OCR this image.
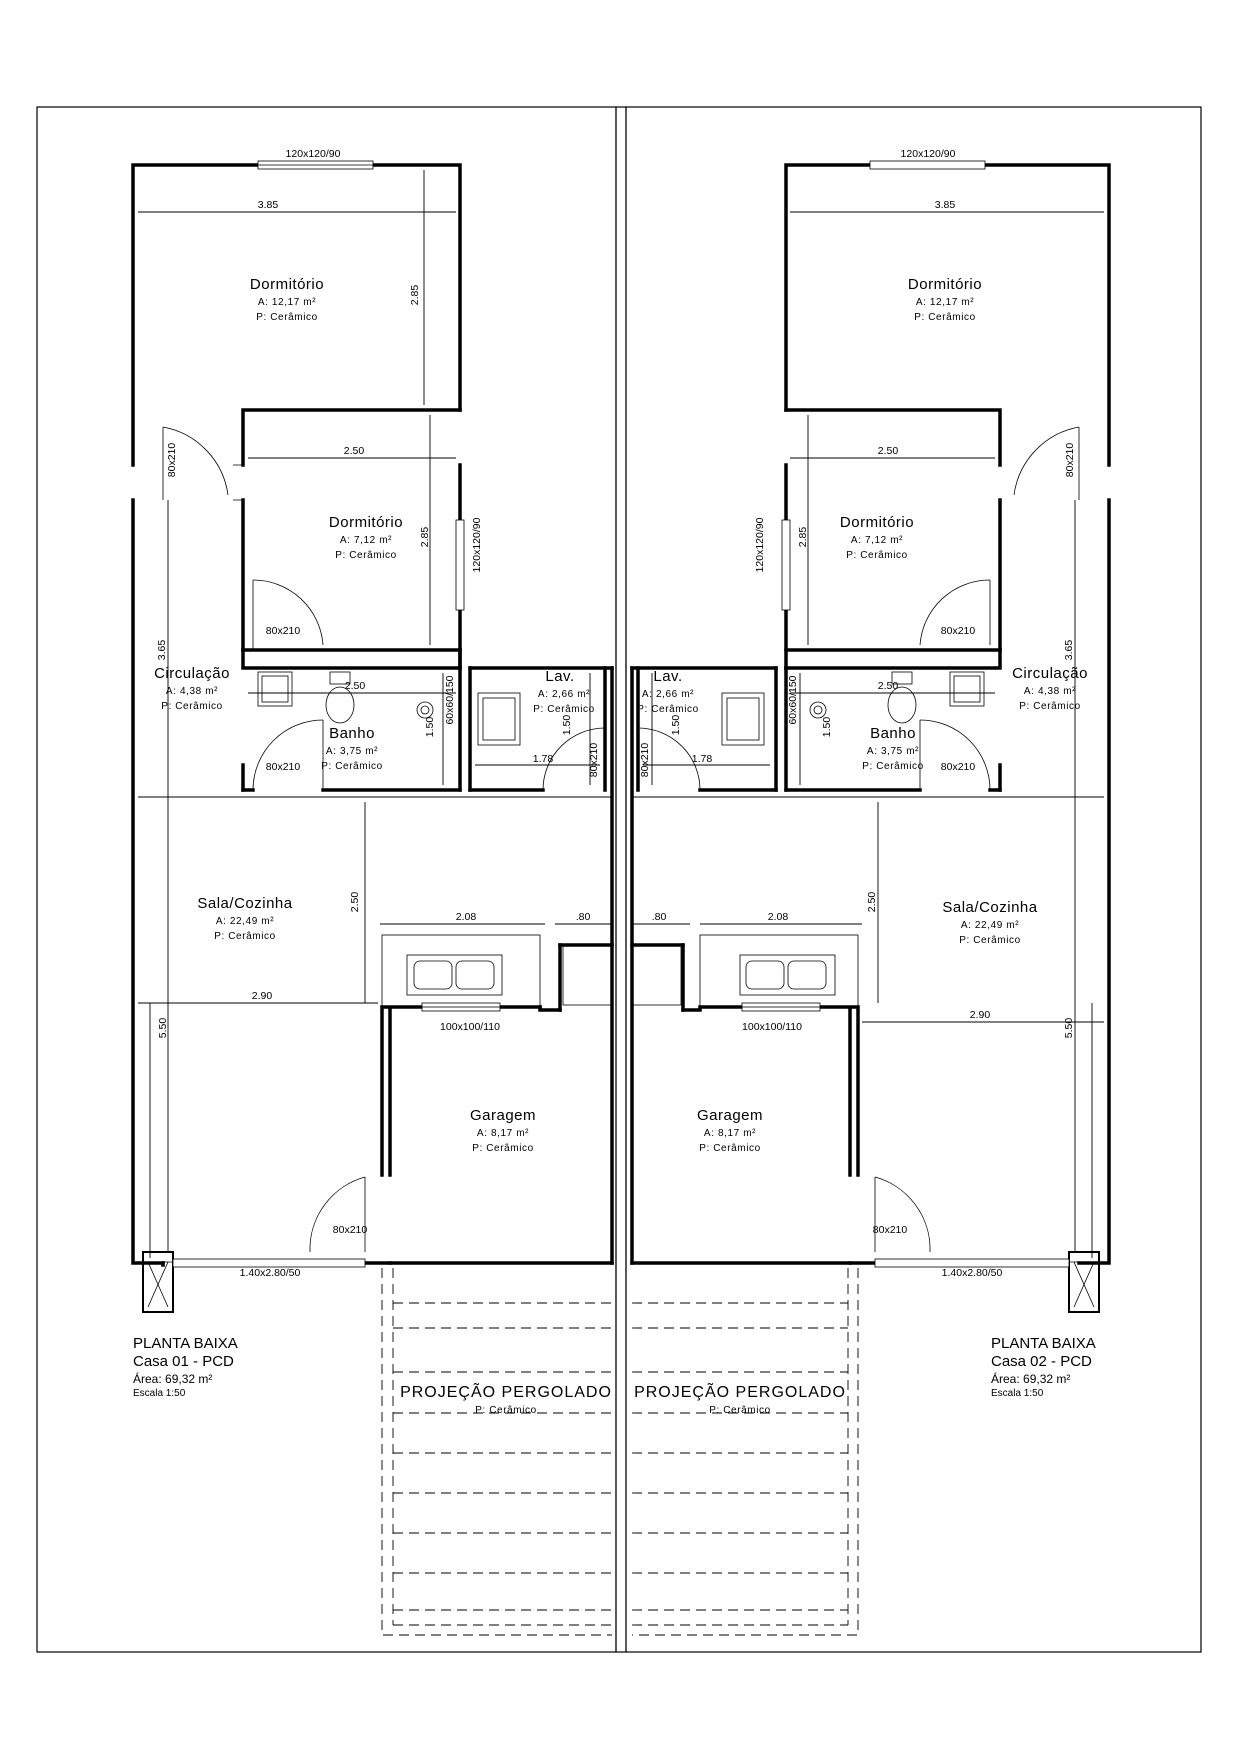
120x120/90
120x120/90
100x100/110
1.40x2.80/50
3.85
2.85
80x210	2.50
2.85
3.65
80x210
2.50	60x60/150
1.50
80x210
1.50
1.78	80x210
2.50
2.08	.80
2.90
5.50
80x210
Dormitório
A: 12,17 m²
P: Cerâmico
Dormitório
A: 7,12 m²
P: Cerâmico
Circulação
A: 4,38 m²
P: Cerâmico
Banho
A: 3,75 m²
P: Cerâmico
Lav.
A: 2,66 m²
P: Cerâmico
Sala/Cozinha
A: 22,49 m²
P: Cerâmico
Garagem
A: 8,17 m²
P: Cerâmico
PROJEÇÃO PERGOLADO
P: Cerâmico
PLANTA BAIXA
Casa 01 - PCD
Área: 69,32 m²
Escala 1:50
120x120/90
120x120/90
100x100/110
1.40x2.80/50
3.85
80x210
2.50
2.85
3.65
80x210
2.50
60x60/150
1.50
80x210
1.50
1.78
80x210
2.50
2.08
.80
2.90
5.50
80x210
Dormitório
A: 12,17 m²
P: Cerâmico
Dormitório
A: 7,12 m²
P: Cerâmico
Circulação
A: 4,38 m²
P: Cerâmico
Banho
A: 3,75 m²
P: Cerâmico
Lav.
A: 2,66 m²
P: Cerâmico
Sala/Cozinha
A: 22,49 m²
P: Cerâmico
Garagem
A: 8,17 m²
P: Cerâmico
PROJEÇÃO PERGOLADO
P: Cerâmico
PLANTA BAIXA
Casa 02 - PCD
Área: 69,32 m²
Escala 1:50
